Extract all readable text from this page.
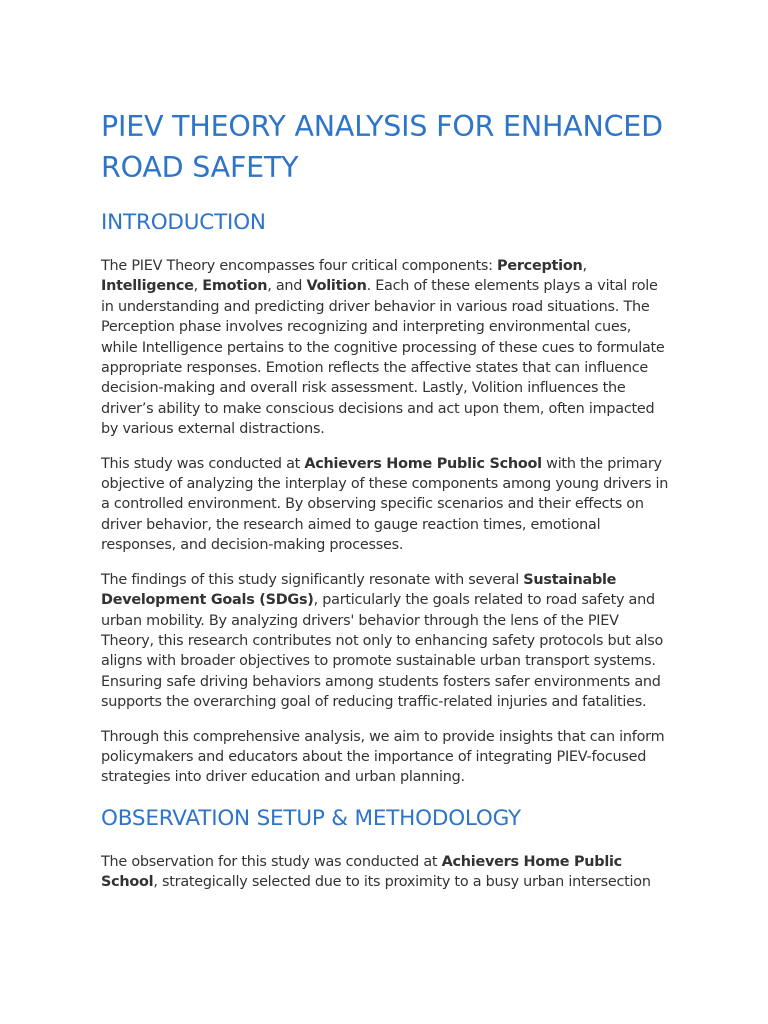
PIEV THEORY ANALYSIS FOR ENHANCED ROAD SAFETY
INTRODUCTION

The PIEV Theory encompasses four critical components: Perception, Intelligence, Emotion, and Volition. Each of these elements plays a vital role in understanding and predicting driver behavior in various road situations. The Perception phase involves recognizing and interpreting environmental cues, while Intelligence pertains to the cognitive processing of these cues to formulate appropriate responses. Emotion reflects the affective states that can influence decision-making and overall risk assessment. Lastly, Volition influences the driver’s ability to make conscious decisions and act upon them, often impacted by various external distractions.

This study was conducted at Achievers Home Public School with the primary objective of analyzing the interplay of these components among young drivers in a controlled environment. By observing specific scenarios and their effects on driver behavior, the research aimed to gauge reaction times, emotional responses, and decision-making processes.

The findings of this study significantly resonate with several Sustainable Development Goals (SDGs), particularly the goals related to road safety and urban mobility. By analyzing drivers' behavior through the lens of the PIEV Theory, this research contributes not only to enhancing safety protocols but also aligns with broader objectives to promote sustainable urban transport systems. Ensuring safe driving behaviors among students fosters safer environments and supports the overarching goal of reducing traffic-related injuries and fatalities.

Through this comprehensive analysis, we aim to provide insights that can inform policymakers and educators about the importance of integrating PIEV-focused strategies into driver education and urban planning.

OBSERVATION SETUP & METHODOLOGY

The observation for this study was conducted at Achievers Home Public School, strategically selected due to its proximity to a busy urban intersection
